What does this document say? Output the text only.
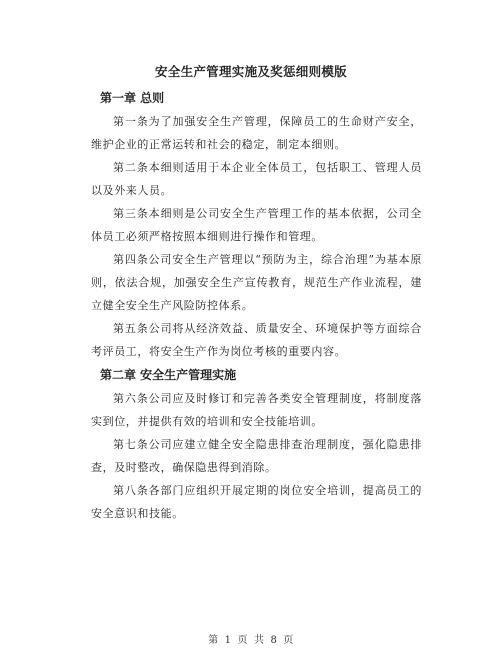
安全生产管理实施及奖惩细则模版
第一章 总则

第一条为了加强安全生产管理，保障员工的生命财产安全，维护企业的正常运转和社会的稳定，制定本细则。

第二条本细则适用于本企业全体员工，包括职工、管理人员以及外来人员。

第三条本细则是公司安全生产管理工作的基本依据，公司全体员工必须严格按照本细则进行操作和管理。

第四条公司安全生产管理以“预防为主，综合治理”为基本原则，依法合规，加强安全生产宣传教育，规范生产作业流程，建立健全安全生产风险防控体系。

第五条公司将从经济效益、质量安全、环境保护等方面综合考评员工，将安全生产作为岗位考核的重要内容。

第二章 安全生产管理实施

第六条公司应及时修订和完善各类安全管理制度，将制度落实到位，并提供有效的培训和安全技能培训。

第七条公司应建立健全安全隐患排查治理制度，强化隐患排查，及时整改，确保隐患得到消除。

第八条各部门应组织开展定期的岗位安全培训，提高员工的安全意识和技能。

第 1 页 共 8 页
